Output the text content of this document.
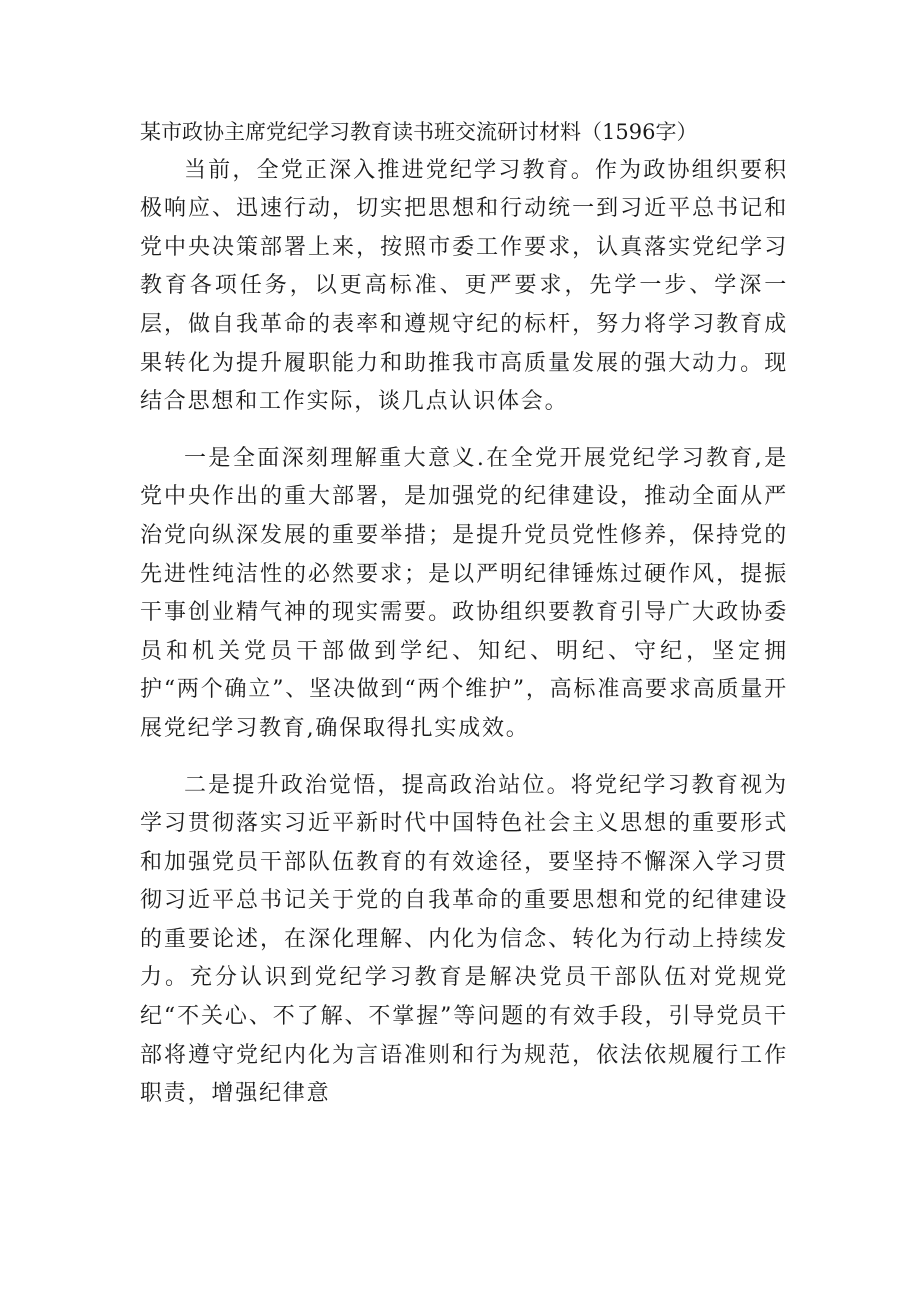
某市政协主席党纪学习教育读书班交流研讨材料（1596字）

当前，全党正深入推进党纪学习教育。作为政协组织要积极响应、迅速行动，切实把思想和行动统一到习近平总书记和党中央决策部署上来，按照市委工作要求，认真落实党纪学习教育各项任务，以更高标准、更严要求，先学一步、学深一层，做自我革命的表率和遵规守纪的标杆，努力将学习教育成果转化为提升履职能力和助推我市高质量发展的强大动力。现结合思想和工作实际，谈几点认识体会。

一是全面深刻理解重大意义.在全党开展党纪学习教育,是党中央作出的重大部署，是加强党的纪律建设，推动全面从严治党向纵深发展的重要举措；是提升党员党性修养，保持党的先进性纯洁性的必然要求；是以严明纪律锤炼过硬作风，提振干事创业精气神的现实需要。政协组织要教育引导广大政协委员和机关党员干部做到学纪、知纪、明纪、守纪，坚定拥护“两个确立”、坚决做到“两个维护”，高标准高要求高质量开展党纪学习教育,确保取得扎实成效。

二是提升政治觉悟，提高政治站位。将党纪学习教育视为学习贯彻落实习近平新时代中国特色社会主义思想的重要形式和加强党员干部队伍教育的有效途径，要坚持不懈深入学习贯彻习近平总书记关于党的自我革命的重要思想和党的纪律建设的重要论述，在深化理解、内化为信念、转化为行动上持续发力。充分认识到党纪学习教育是解决党员干部队伍对党规党纪“不关心、不了解、不掌握”等问题的有效手段，引导党员干部将遵守党纪内化为言语准则和行为规范，依法依规履行工作职责，增强纪律意
